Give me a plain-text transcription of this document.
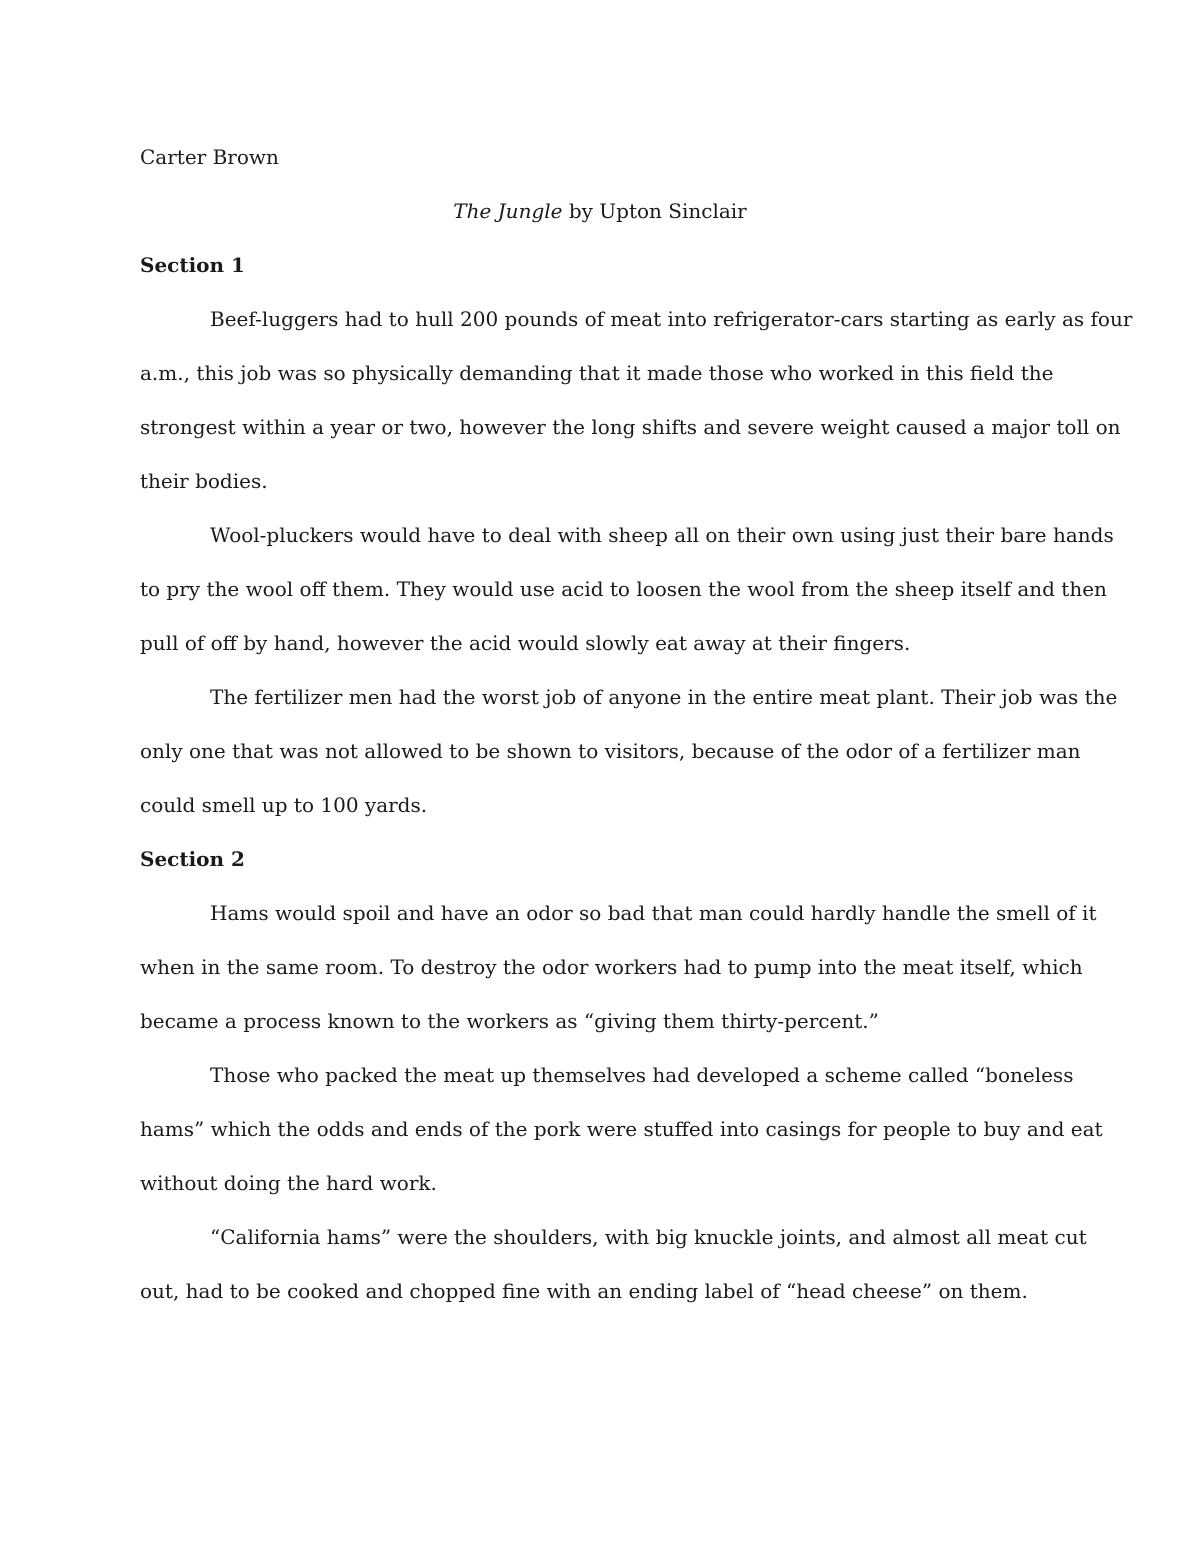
Carter Brown

The Jungle by Upton Sinclair

Section 1

Beef-luggers had to hull 200 pounds of meat into refrigerator-cars starting as early as four
a.m., this job was so physically demanding that it made those who worked in this field the
strongest within a year or two, however the long shifts and severe weight caused a major toll on
their bodies.

Wool-pluckers would have to deal with sheep all on their own using just their bare hands
to pry the wool off them. They would use acid to loosen the wool from the sheep itself and then
pull of off by hand, however the acid would slowly eat away at their fingers.

The fertilizer men had the worst job of anyone in the entire meat plant. Their job was the
only one that was not allowed to be shown to visitors, because of the odor of a fertilizer man
could smell up to 100 yards.

Section 2

Hams would spoil and have an odor so bad that man could hardly handle the smell of it
when in the same room. To destroy the odor workers had to pump into the meat itself, which
became a process known to the workers as “giving them thirty-percent.”

Those who packed the meat up themselves had developed a scheme called “boneless
hams” which the odds and ends of the pork were stuffed into casings for people to buy and eat
without doing the hard work.

“California hams” were the shoulders, with big knuckle joints, and almost all meat cut
out, had to be cooked and chopped fine with an ending label of “head cheese” on them.
